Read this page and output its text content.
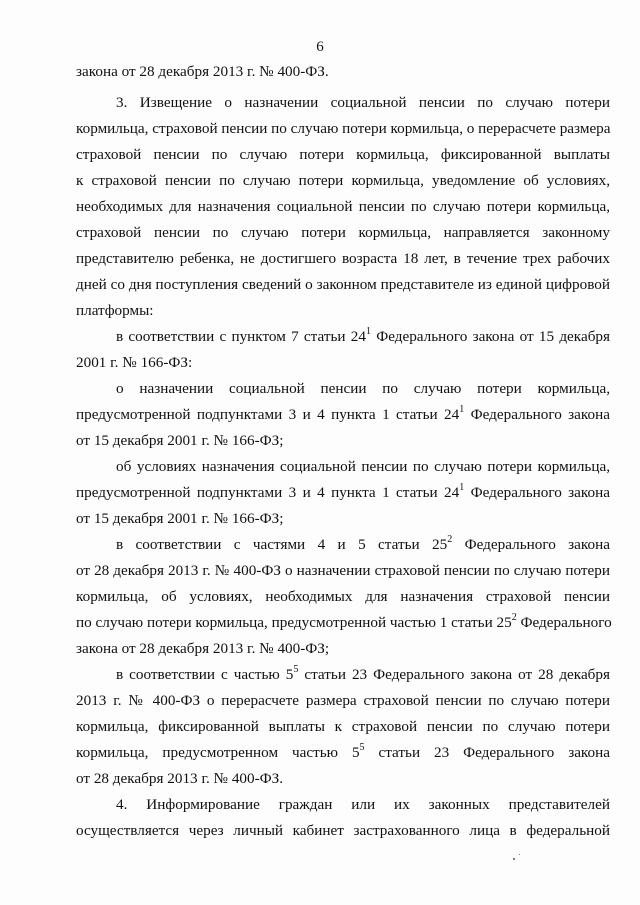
6
закона от 28 декабря 2013 г. № 400-ФЗ.
3. Извещение о назначении социальной пенсии по случаю потери
кормильца, страховой пенсии по случаю потери кормильца, о перерасчете размера
страховой пенсии по случаю потери кормильца, фиксированной выплаты
к страховой пенсии по случаю потери кормильца, уведомление об условиях,
необходимых для назначения социальной пенсии по случаю потери кормильца,
страховой пенсии по случаю потери кормильца, направляется законному
представителю ребенка, не достигшего возраста 18 лет, в течение трех рабочих
дней со дня поступления сведений о законном представителе из единой цифровой
платформы:
в соответствии с пунктом 7 статьи $24^1$ Федерального закона от 15 декабря
2001 г. № 166-ФЗ:
о назначении социальной пенсии по случаю потери кормильца,
предусмотренной подпунктами 3 и 4 пункта 1 статьи $24^1$ Федерального закона
от 15 декабря 2001 г. № 166-ФЗ;
об условиях назначения социальной пенсии по случаю потери кормильца,
предусмотренной подпунктами 3 и 4 пункта 1 статьи $24^1$ Федерального закона
от 15 декабря 2001 г. № 166-ФЗ;
в соответствии с частями 4 и 5 статьи $25^2$ Федерального закона
от 28 декабря 2013 г. № 400-ФЗ о назначении страховой пенсии по случаю потери
кормильца, об условиях, необходимых для назначения страховой пенсии
по случаю потери кормильца, предусмотренной частью 1 статьи $25^2$ Федерального
закона от 28 декабря 2013 г. № 400-ФЗ;
в соответствии с частью $5^5$ статьи 23 Федерального закона от 28 декабря
2013 г. № 400-ФЗ о перерасчете размера страховой пенсии по случаю потери
кормильца, фиксированной выплаты к страховой пенсии по случаю потери
кормильца, предусмотренном частью $5^5$ статьи 23 Федерального закона
от 28 декабря 2013 г. № 400-ФЗ.
4. Информирование граждан или их законных представителей
осуществляется через личный кабинет застрахованного лица в федеральной
